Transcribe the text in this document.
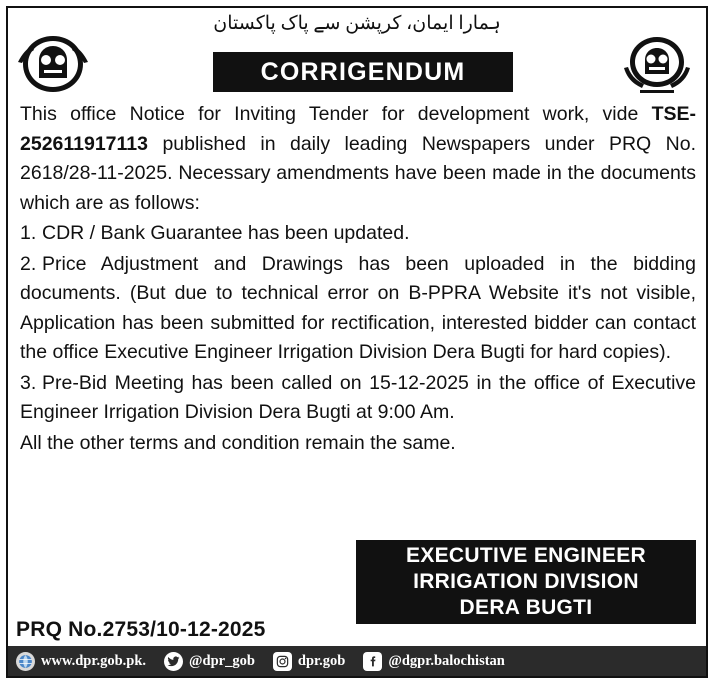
ہمارا ایمان، کرپشن سے پاک پاکستان
CORRIGENDUM

This office Notice for Inviting Tender for development work, vide TSE-252611917113 published in daily leading Newspapers under PRQ No. 2618/28-11-2025. Necessary amendments have been made in the documents which are as follows:

1. CDR / Bank Guarantee has been updated.

2. Price Adjustment and Drawings has been uploaded in the bidding documents. (But due to technical error on B-PPRA Website it's not visible, Application has been submitted for rectification, interested bidder can contact the office Executive Engineer Irrigation Division Dera Bugti for hard copies).

3. Pre-Bid Meeting has been called on 15-12-2025 in the office of Executive Engineer Irrigation Division Dera Bugti at 9:00 Am.

All the other terms and condition remain the same.

EXECUTIVE ENGINEER
IRRIGATION DIVISION
DERA BUGTI
PRQ No.2753/10-12-2025
www.dpr.gob.pk.	@dpr_gob	dpr.gob	@dgpr.balochistan
